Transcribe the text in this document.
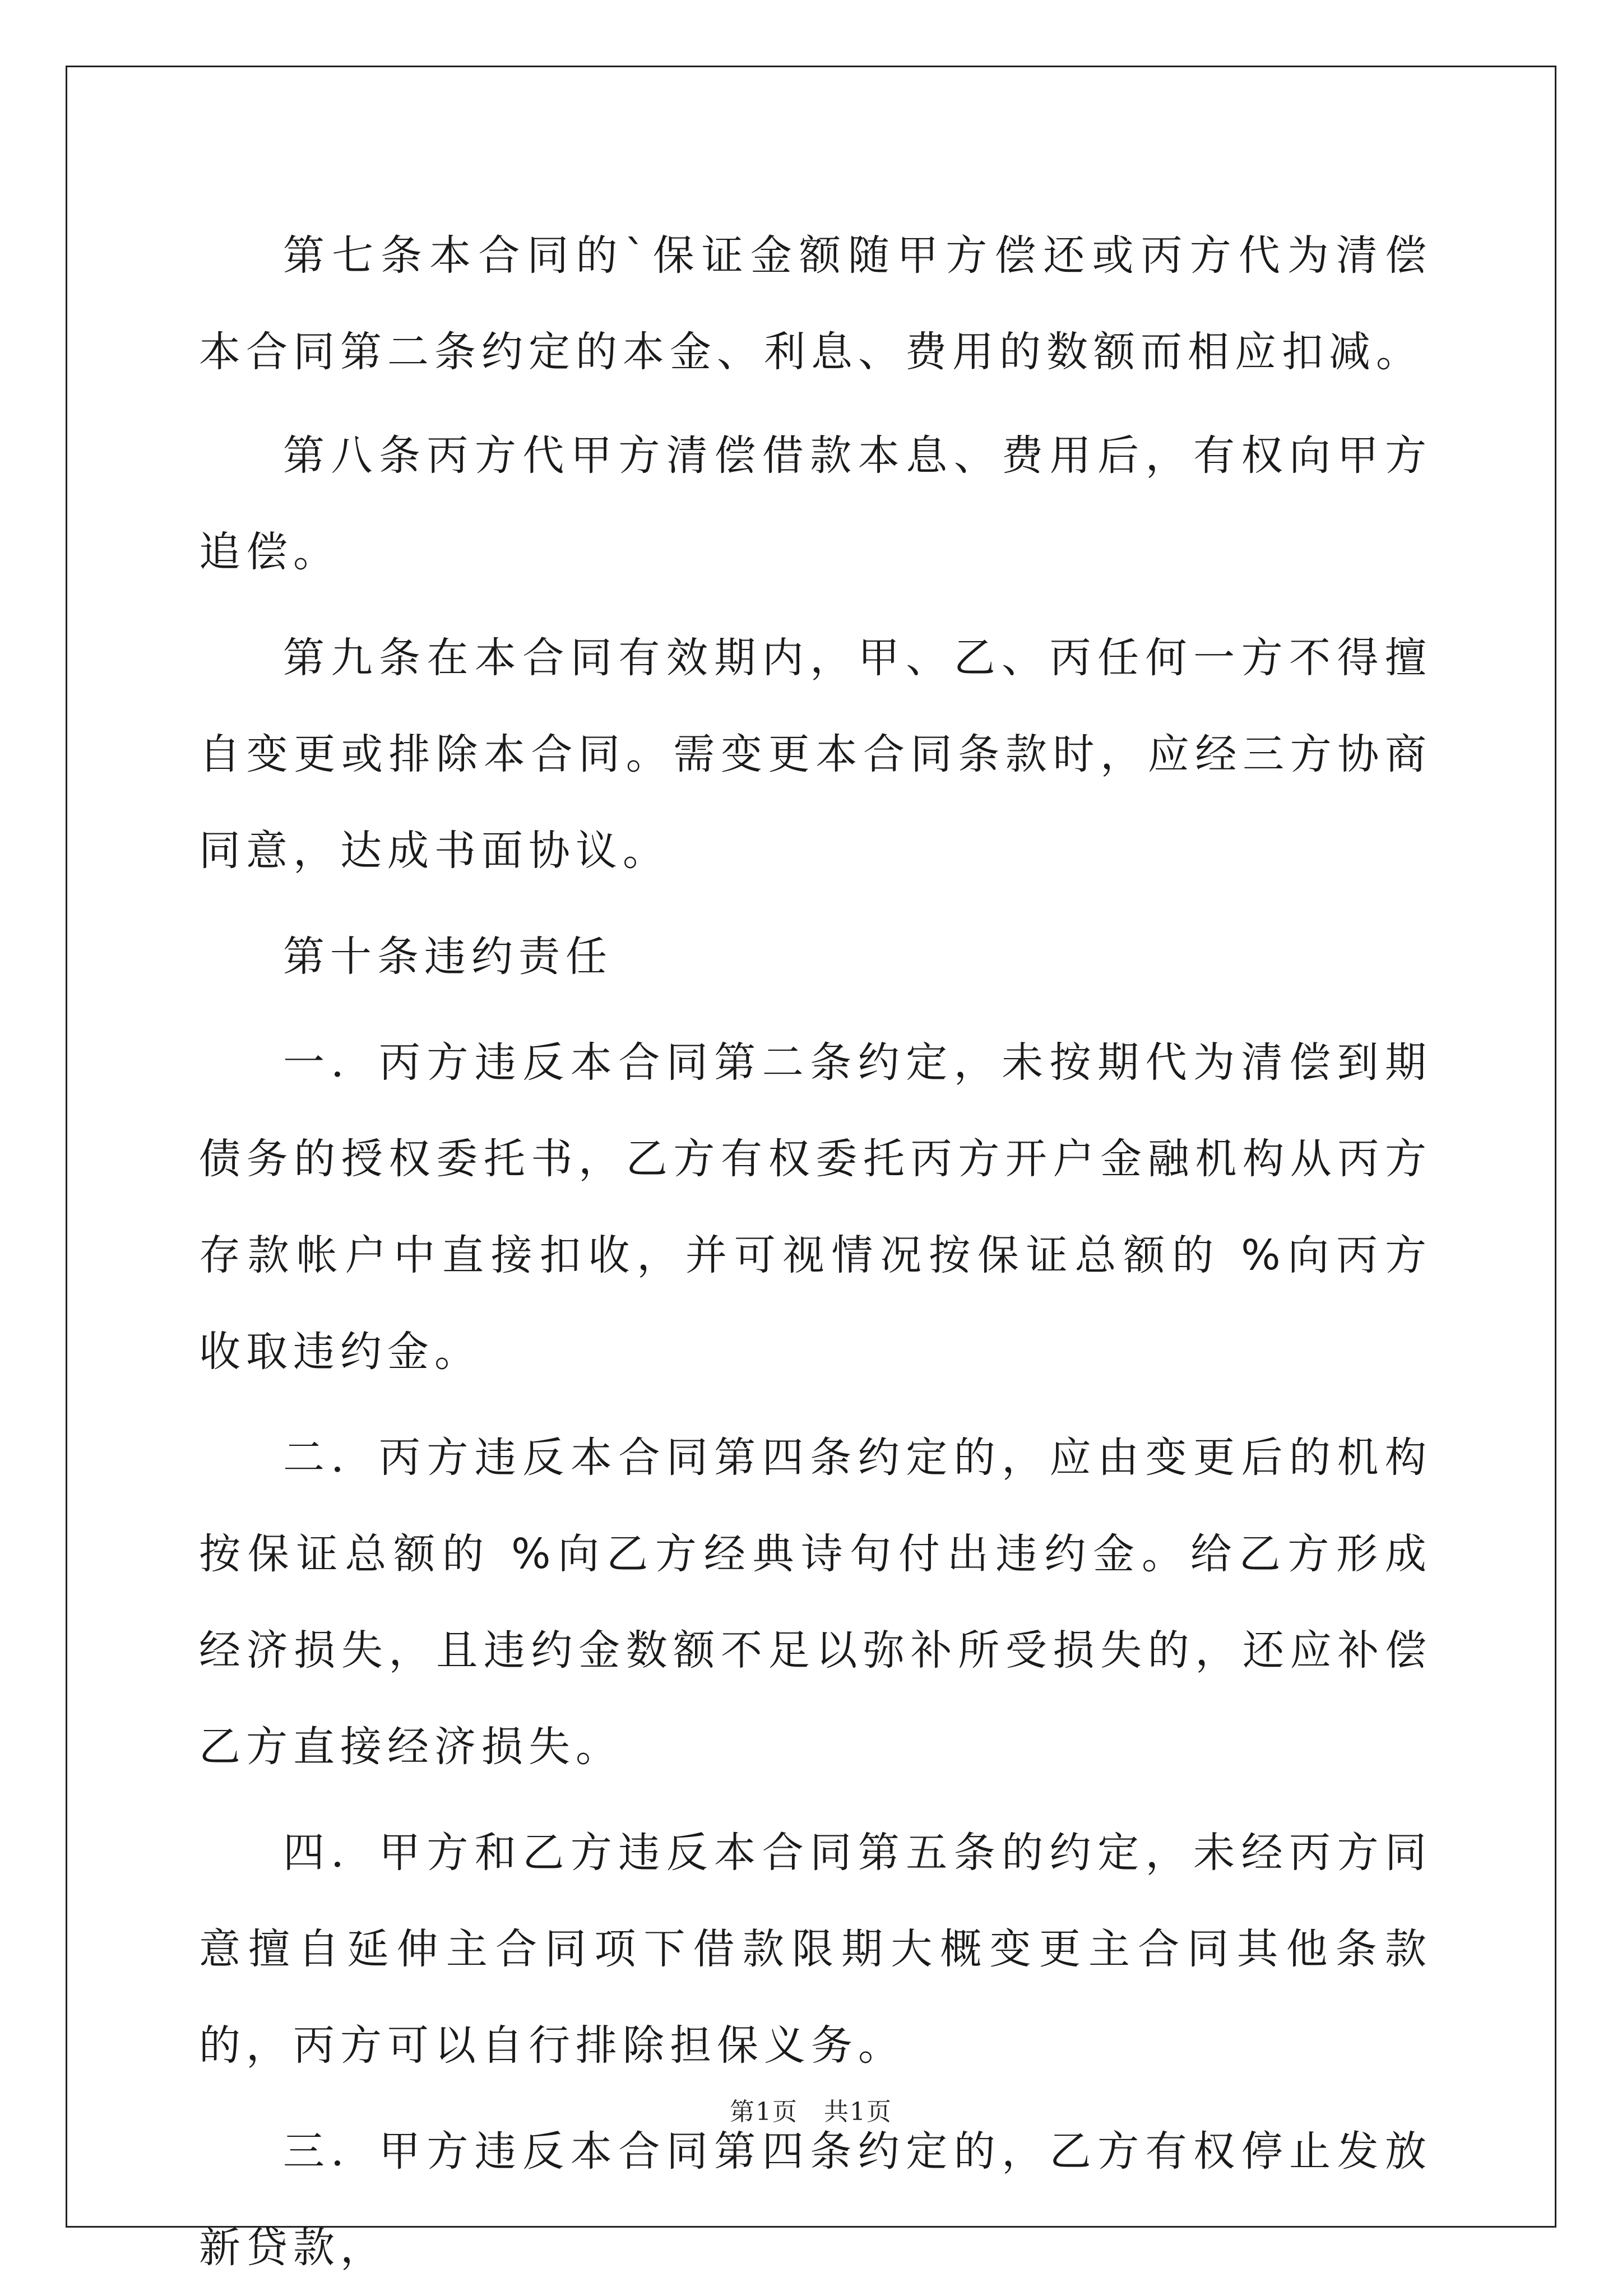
第七条本合同的`保证金额随甲方偿还或丙方代为清偿本合同第二条约定的本金、利息、费用的数额而相应扣减。

第八条丙方代甲方清偿借款本息、费用后，有权向甲方追偿。

第九条在本合同有效期内，甲、乙、丙任何一方不得擅自变更或排除本合同。需变更本合同条款时，应经三方协商同意，达成书面协议。

第十条违约责任

一．丙方违反本合同第二条约定，未按期代为清偿到期债务的授权委托书，乙方有权委托丙方开户金融机构从丙方存款帐户中直接扣收，并可视情况按保证总额的 %向丙方收取违约金。

二．丙方违反本合同第四条约定的，应由变更后的机构按保证总额的 %向乙方经典诗句付出违约金。给乙方形成经济损失，且违约金数额不足以弥补所受损失的，还应补偿乙方直接经济损失。

四．甲方和乙方违反本合同第五条的约定，未经丙方同意擅自延伸主合同项下借款限期大概变更主合同其他条款的，丙方可以自行排除担保义务。

三．甲方违反本合同第四条约定的，乙方有权停止发放新贷款，

第1页　共1页
